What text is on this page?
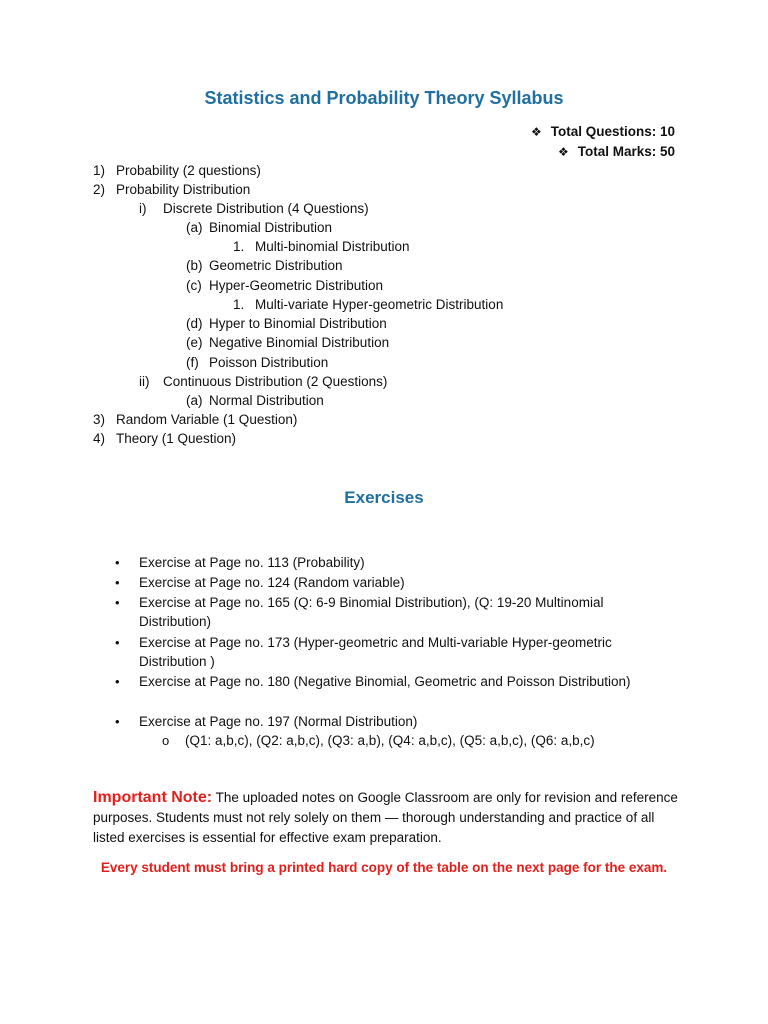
Statistics and Probability Theory Syllabus
❖ Total Questions: 10
❖ Total Marks: 50
1) Probability (2 questions)
2) Probability Distribution
i) Discrete Distribution (4 Questions)
(a) Binomial Distribution
1. Multi-binomial Distribution
(b) Geometric Distribution
(c) Hyper-Geometric Distribution
1. Multi-variate Hyper-geometric Distribution
(d) Hyper to Binomial Distribution
(e) Negative Binomial Distribution
(f) Poisson Distribution
ii) Continuous Distribution (2 Questions)
(a) Normal Distribution
3) Random Variable (1 Question)
4) Theory (1 Question)
Exercises
• Exercise at Page no. 113 (Probability)
• Exercise at Page no. 124 (Random variable)
• Exercise at Page no. 165 (Q: 6-9 Binomial Distribution), (Q: 19-20 Multinomial Distribution)
• Exercise at Page no. 173 (Hyper-geometric and Multi-variable Hyper-geometric Distribution )
• Exercise at Page no. 180 (Negative Binomial, Geometric and Poisson Distribution)
• Exercise at Page no. 197 (Normal Distribution)
o (Q1: a,b,c), (Q2: a,b,c), (Q3: a,b), (Q4: a,b,c), (Q5: a,b,c), (Q6: a,b,c)
Important Note: The uploaded notes on Google Classroom are only for revision and reference purposes. Students must not rely solely on them — thorough understanding and practice of all listed exercises is essential for effective exam preparation.
Every student must bring a printed hard copy of the table on the next page for the exam.
